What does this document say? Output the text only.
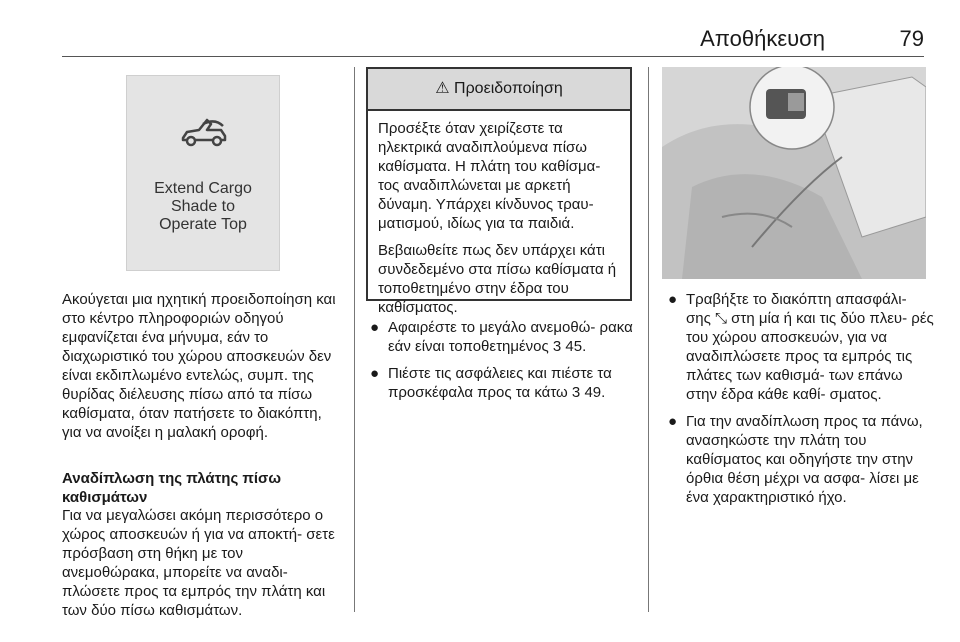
Αποθήκευση	79
Extend Cargo
Shade to
Operate Top
Ακούγεται μια ηχητική προειδοποίηση και στο κέντρο πληροφοριών οδηγού εμφανίζεται ένα μήνυμα, εάν το διαχωριστικό του χώρου αποσκευών δεν είναι εκδιπλωμένο εντελώς, συμπ. της θυρίδας διέλευσης πίσω από τα πίσω καθίσματα, όταν πατήσετε το διακόπτη, για να ανοίξει η μαλακή οροφή.
Αναδίπλωση της πλάτης πίσω καθισμάτων
Για να μεγαλώσει ακόμη περισσότερο ο χώρος αποσκευών ή για να αποκτή- σετε πρόσβαση στη θήκη με τον ανεμοθώρακα, μπορείτε να αναδι- πλώσετε προς τα εμπρός την πλάτη και των δύο πίσω καθισμάτων.
⚠ Προειδοποίηση

Προσέξτε όταν χειρίζεστε τα ηλεκτρικά αναδιπλούμενα πίσω καθίσματα. Η πλάτη του καθίσμα- τος αναδιπλώνεται με αρκετή δύναμη. Υπάρχει κίνδυνος τραυ- ματισμού, ιδίως για τα παιδιά.

Βεβαιωθείτε πως δεν υπάρχει κάτι συνδεδεμένο στα πίσω καθίσματα ή τοποθετημένο στην έδρα του καθίσματος.

● Αφαιρέστε το μεγάλο ανεμοθώ- ρακα εάν είναι τοποθετημένος 3 45.
● Πιέστε τις ασφάλειες και πιέστε τα προσκέφαλα προς τα κάτω 3 49.
● Τραβήξτε το διακόπτη απασφάλι- σης ⤡ στη μία ή και τις δύο πλευ- ρές του χώρου αποσκευών, για να αναδιπλώσετε προς τα εμπρός τις πλάτες των καθισμά- των επάνω στην έδρα κάθε καθί- σματος.
● Για την αναδίπλωση προς τα πάνω, ανασηκώστε την πλάτη του καθίσματος και οδηγήστε την στην όρθια θέση μέχρι να ασφα- λίσει με ένα χαρακτηριστικό ήχο.
